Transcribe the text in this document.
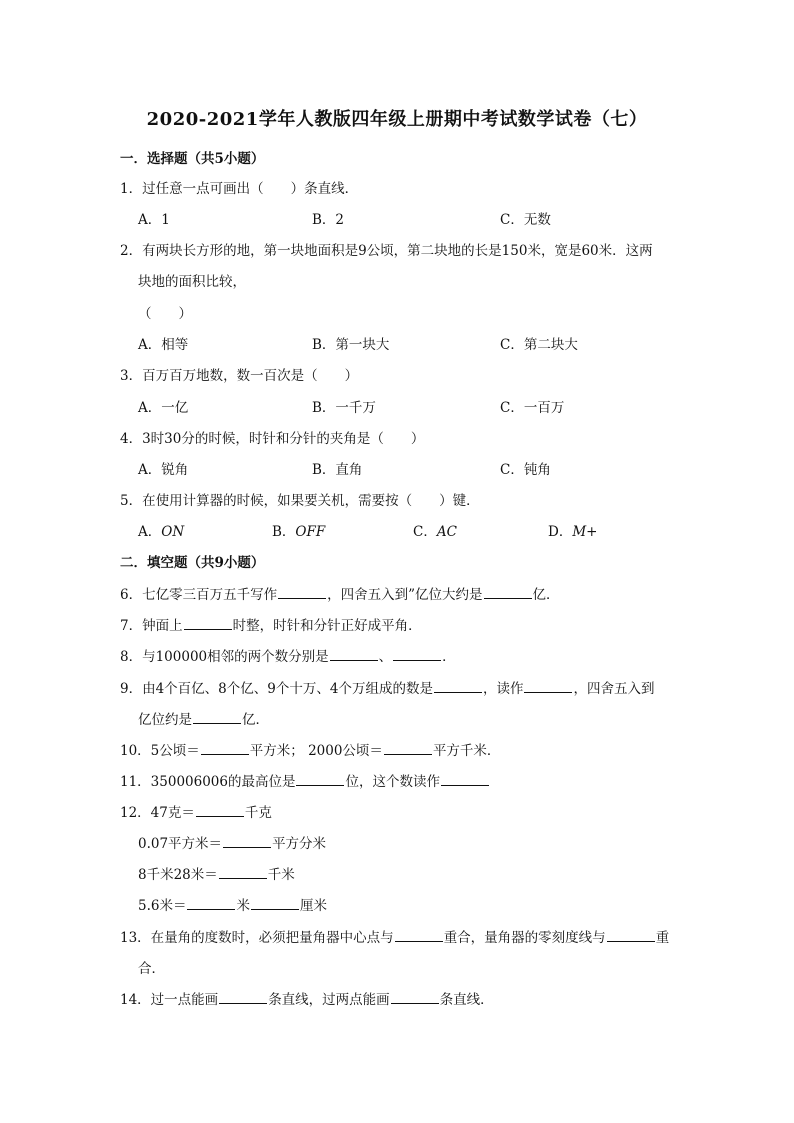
2020-2021学年人教版四年级上册期中考试数学试卷（七）
一．选择题（共5小题）
1．过任意一点可画出（　　）条直线．
A．1	B．2	C．无数
2．有两块长方形的地，第一块地面积是9公顷，第二块地的长是150米，宽是60米．这两
块地的面积比较，
（　　）
A．相等	B．第一块大	C．第二块大
3．百万百万地数，数一百次是（　　）
A．一亿	B．一千万	C．一百万
4．3时30分的时候，时针和分针的夹角是（　　）
A．锐角	B．直角	C．钝角
5．在使用计算器的时候，如果要关机，需要按（　　）键．
A．ON	B．OFF	C．AC	D．M+
二．填空题（共9小题）
6．七亿零三百万五千写作	，四舍五入到”亿位大约是	亿．
7．钟面上	时整，时针和分针正好成平角．
8．与100000相邻的两个数分别是	、	．
9．由4个百亿、8个亿、9个十万、4个万组成的数是	，读作	，四舍五入到
亿位约是	亿．
10．5公顷＝	平方米； 2000公顷＝	平方千米．
11．350006006的最高位是	位，这个数读作
12．47克＝	千克
0.07平方米＝	平方分米
8千米28米＝	千米
5.6米＝	米	厘米
13．在量角的度数时，必须把量角器中心点与	重合，量角器的零刻度线与	重
合．
14．过一点能画	条直线，过两点能画	条直线．
